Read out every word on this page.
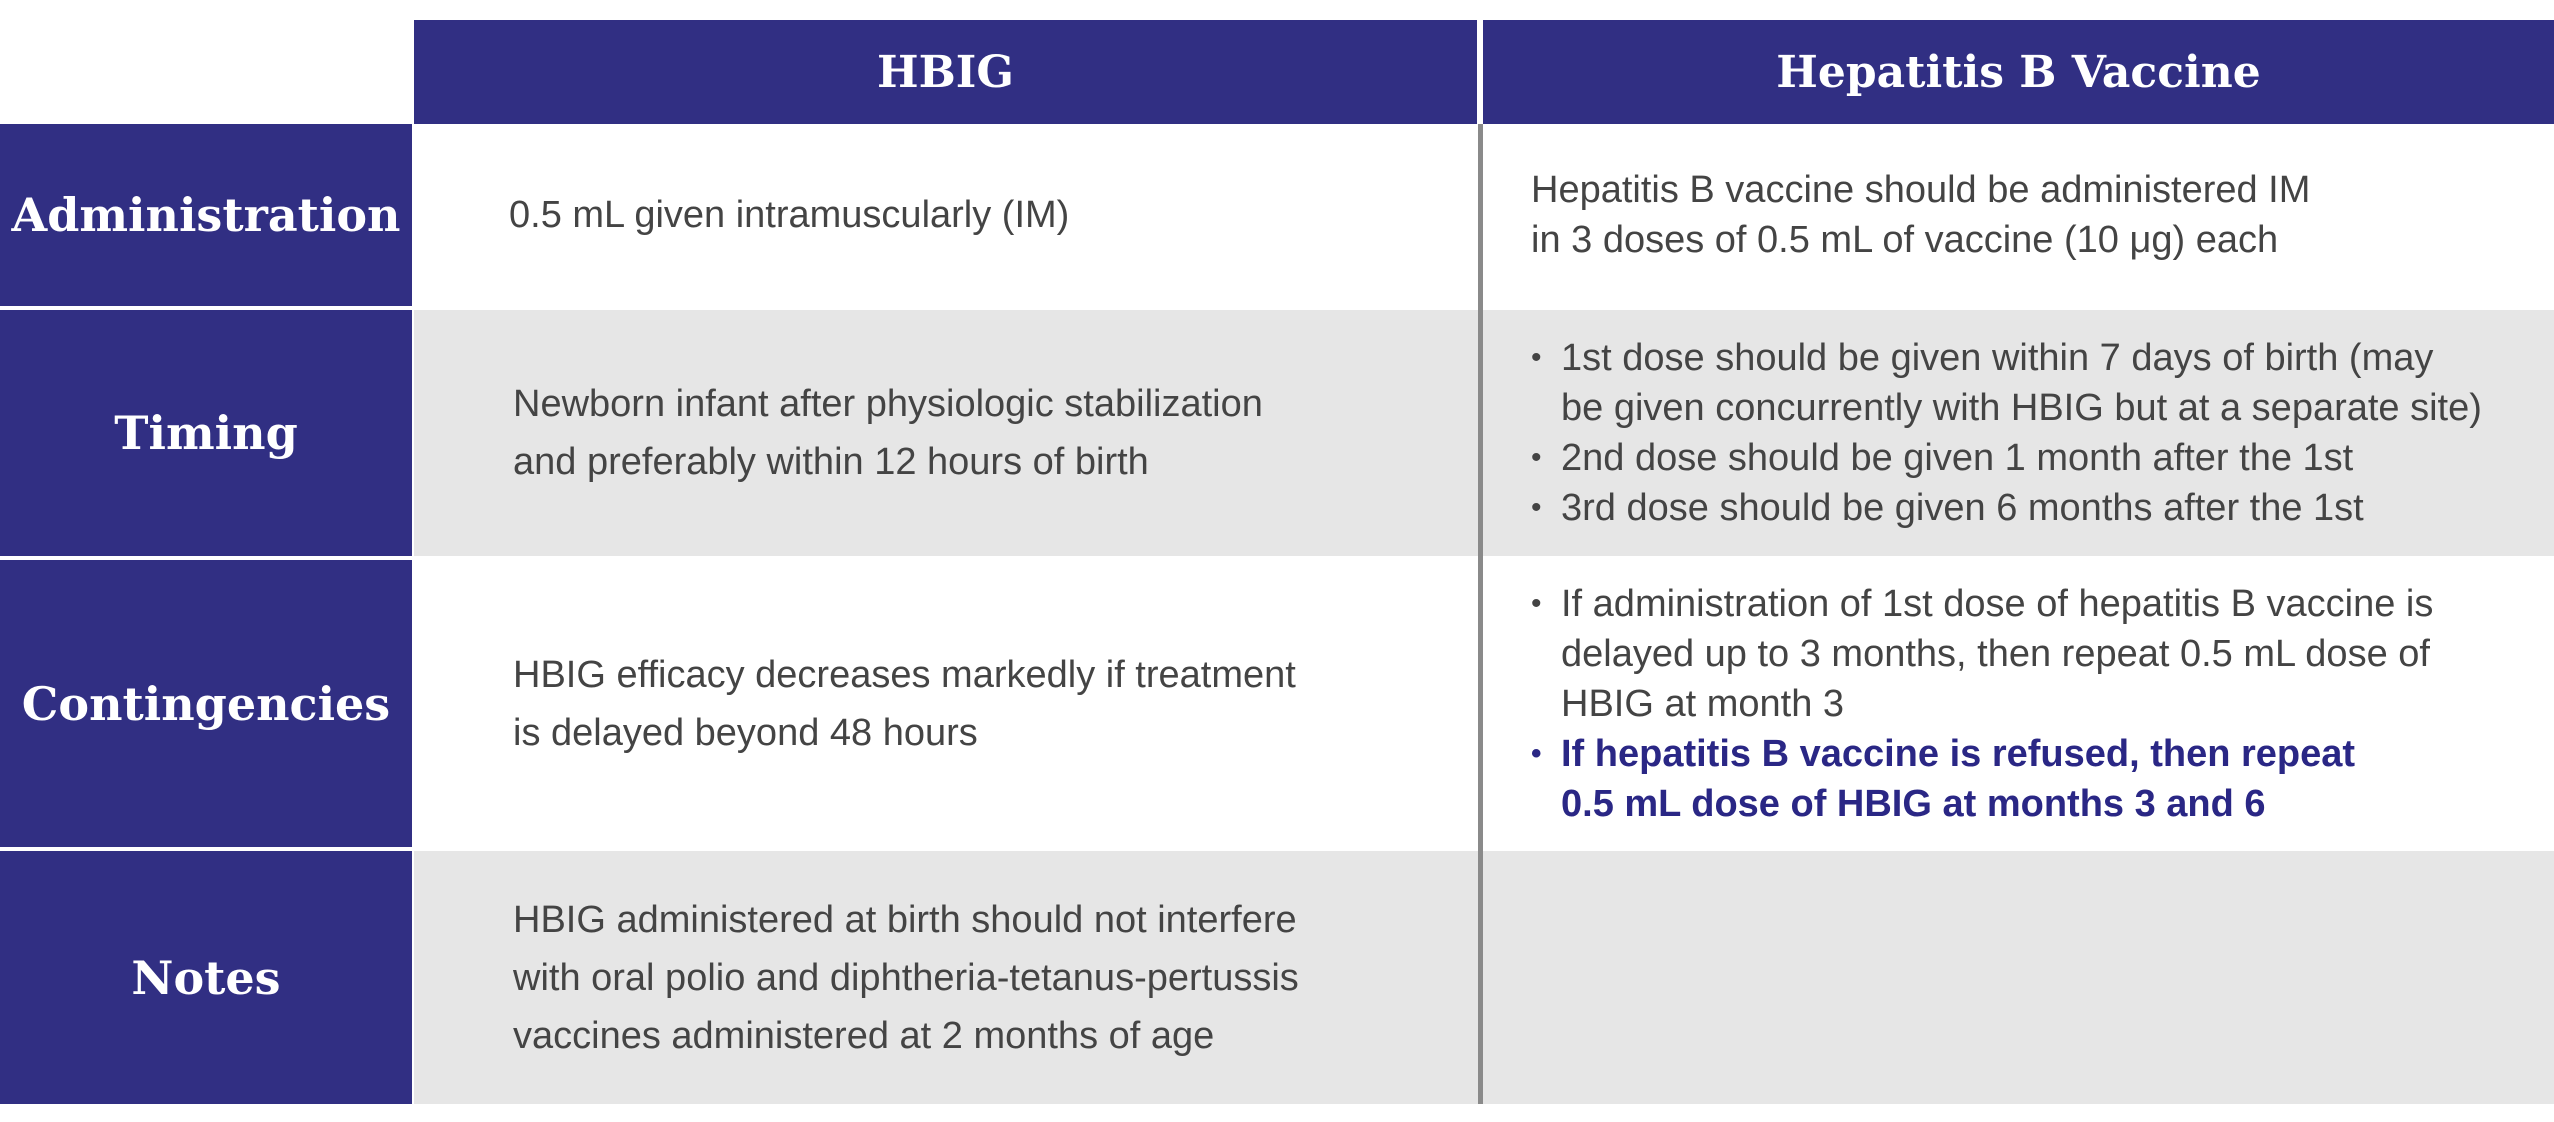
HBIG	Hepatitis B Vaccine
Administration
Timing
Contingencies
Notes
0.5 mL given intramuscularly (IM)
Newborn infant after physiologic stabilization
and preferably within 12 hours of birth
HBIG efficacy decreases markedly if treatment
is delayed beyond 48 hours
HBIG administered at birth should not interfere
with oral polio and diphtheria-tetanus-pertussis
vaccines administered at 2 months of age
Hepatitis B vaccine should be administered IM
in 3 doses of 0.5 mL of vaccine (10 μg) each
• 1st dose should be given within 7 days of birth (may
be given concurrently with HBIG but at a separate site)
• 2nd dose should be given 1 month after the 1st
• 3rd dose should be given 6 months after the 1st
• If administration of 1st dose of hepatitis B vaccine is
delayed up to 3 months, then repeat 0.5 mL dose of
HBIG at month 3
• If hepatitis B vaccine is refused, then repeat
0.5 mL dose of HBIG at months 3 and 6
